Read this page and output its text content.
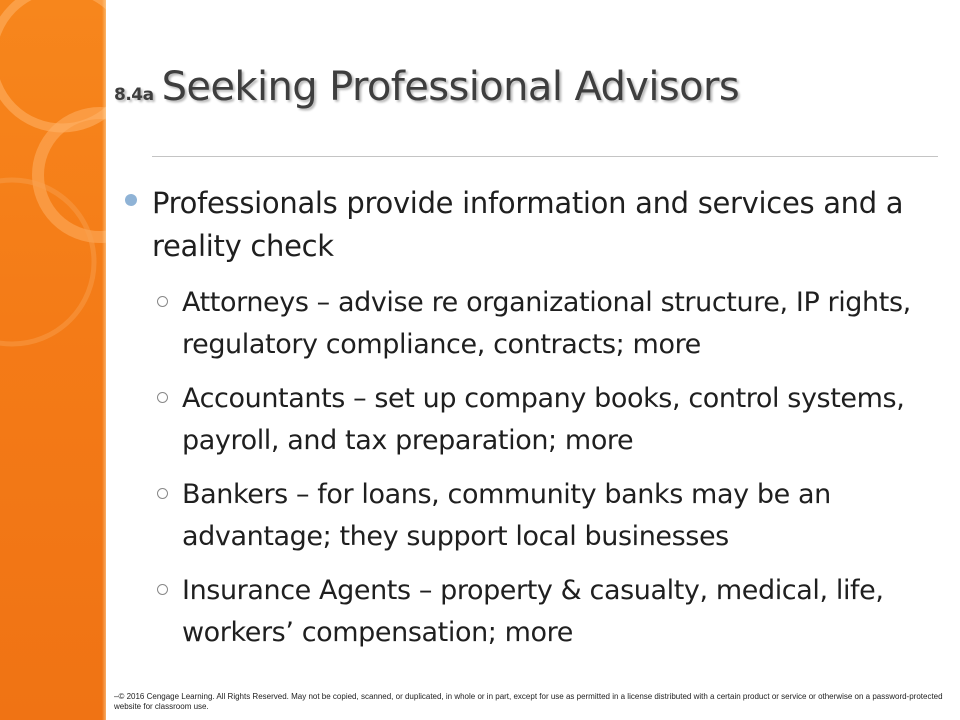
8.4a Seeking Professional Advisors
Professionals provide information and services and a reality check
Attorneys – advise re organizational structure, IP rights, regulatory compliance, contracts; more
Accountants – set up company books, control systems, payroll, and tax preparation; more
Bankers – for loans, community banks may be an advantage; they support local businesses
Insurance Agents – property & casualty, medical, life, workers’ compensation; more
–© 2016 Cengage Learning. All Rights Reserved. May not be copied, scanned, or duplicated, in whole or in part, except for use as permitted in a license distributed with a certain product or service or otherwise on a password-protected website for classroom use.
